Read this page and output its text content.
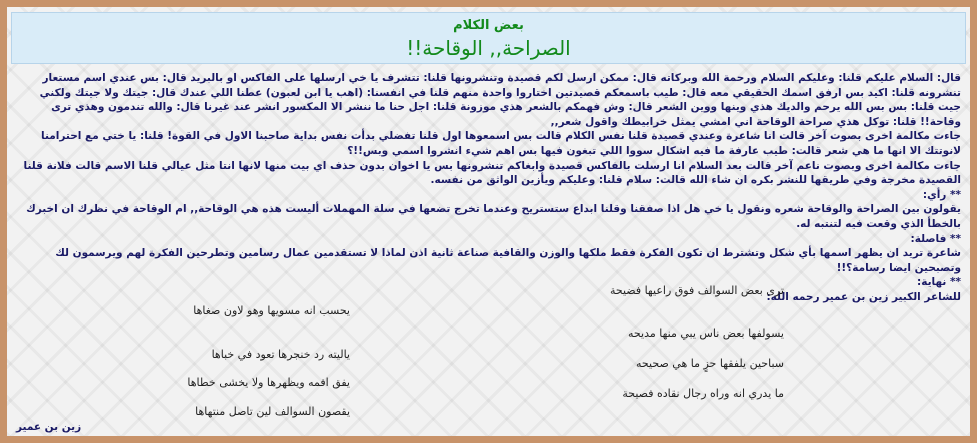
بعض الكلام
الصراحة,, الوقاحة!!

قال: السلام عليكم قلنا: وعليكم السلام ورحمة الله وبركاته قال: ممكن ارسل لكم قصيدة وتنشرونها قلنا: تتشرف يا خي ارسلها على الفاكس او بالبريد قال: بس عندي اسم مستعار تنشرونه قلنا: اكيد بس ارفق اسمك الحقيقي معه قال: طيب باسمعكم قصيدتين اختاروا واحدة منهم قلنا في انفسنا: (اهب يا ابن لعبون) عطنا اللي عندك قال: جيتك ولا جيتك ولكني جيت قلنا: بس بس الله يرحم والديك هذي وينها ووين الشعر قال: وش فهمكم بالشعر هذي موزونة قلنا: اجل حنا ما ننشر الا المكسور انشر عند غيرنا قال: والله تندمون وهذي ترى وقاحة!! قلنا: توكل هذي صراحة الوقاحة اني امشي يمثل خرابيطك واقول شعر,,

جاءت مكالمة اخرى بصوت آخر قالت انا شاعرة وعندي قصيدة قلنا نفس الكلام قالت بس اسمعوها اول قلنا تفضلي بدأت نفس بداية صاحبنا الاول في القوة! قلنا: يا ختي مع احترامنا لانوتتك الا انها ما هي شعر قالت: طيب عارفة ما فيه اشكال سووا اللي تبغون فيها بس اهم شيء انشروا اسمي وبس!!؟

جاءت مكالمة اخرى وبصوت ناعم آخر قالت بعد السلام انا ارسلت بالفاكس قصيدة وابغاكم تنشرونها بس يا اخوان بدون حذف اي بيت منها لانها انتا مثل عيالي قلنا الاسم قالت فلانة قلنا القصيدة مخرجة وفي طريقها للنشر بكره ان شاء الله قالت: سلام قلنا: وعليكم ويأزين الواثق من نفسه.

** رأي:

يقولون بين الصراحة والوقاحة شعره ونقول يا خي هل اذا صفقنا وقلنا ابداع ستستريح وعندما تخرج تضعها في سلة المهملات أليست هذه هي الوقاحة,, ام الوقاحة في نظرك ان اخبرك بالخطأ الذي وقعت فيه لتنتبه له.

** فاصلة:

شاعرة تريد ان يظهر اسمها بأي شكل وتشترط ان تكون الفكرة فقط ملكها والوزن والقافية صناعة ثانية اذن لماذا لا تستقدمين عمال رسامين وتطرحين الفكرة لهم ويرسمون لك وتصبحين ايضا رسامة؟!!

** نهاية:

للشاعر الكبير زين بن عمير رحمه الله:

ترى بعض السوالف فوق راعيها فضيحة
يحسب انه مسويها وهو لاون صغاها
يسولفها بعض ناس يبي منها مديحه
ياليته رد خنجرها تعود في خباها
سباحين يلفقها حزٍ ما هي صحيحه
يفق افمه ويظهرها ولا يخشى خطاها
ما يدري انه وراه رجال نقاده فصيحة
يقصون السوالف لين تاصل منتهاها
زين بن عمير
